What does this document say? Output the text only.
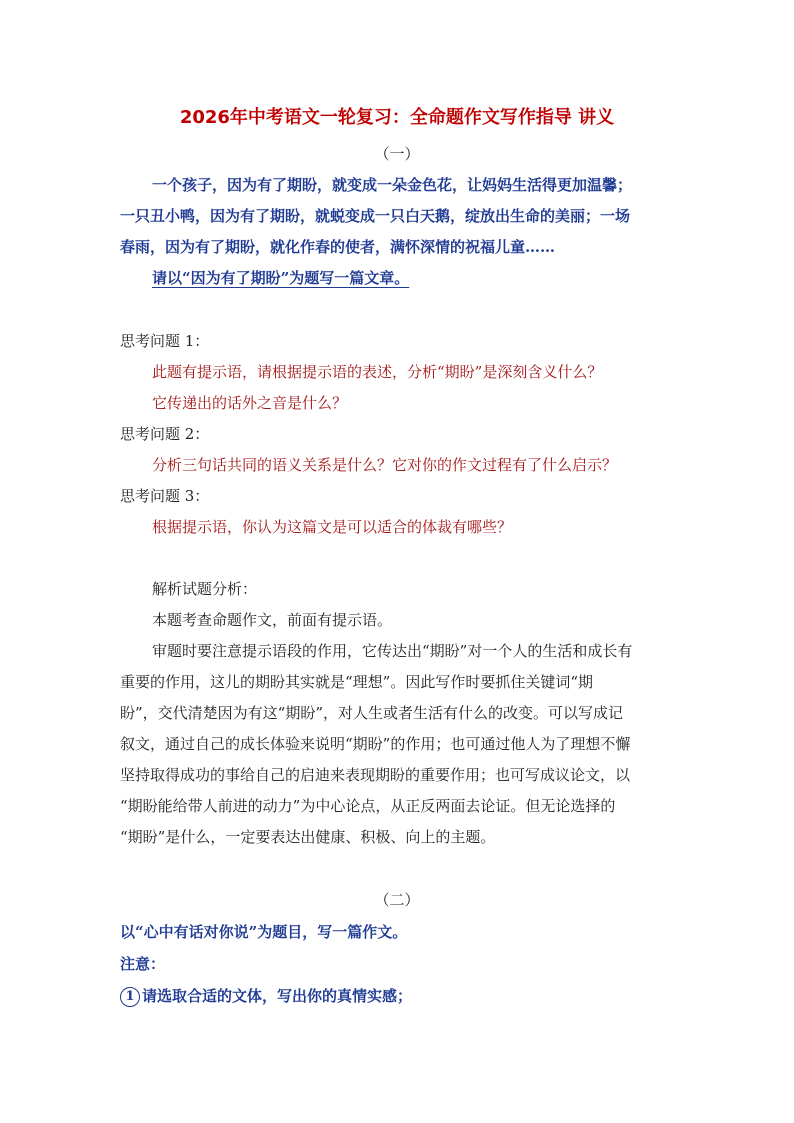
2026年中考语文一轮复习：全命题作文写作指导 讲义
（一）
一个孩子，因为有了期盼，就变成一朵金色花，让妈妈生活得更加温馨；
一只丑小鸭，因为有了期盼，就蜕变成一只白天鹅，绽放出生命的美丽；一场
春雨，因为有了期盼，就化作春的使者，满怀深情的祝福儿童……
请以“因为有了期盼”为题写一篇文章。
思考问题 1：
此题有提示语，请根据提示语的表述，分析“期盼”是深刻含义什么？
它传递出的话外之音是什么？
思考问题 2：
分析三句话共同的语义关系是什么？它对你的作文过程有了什么启示？
思考问题 3：
根据提示语，你认为这篇文是可以适合的体裁有哪些？
解析试题分析：
本题考查命题作文，前面有提示语。
审题时要注意提示语段的作用，它传达出“期盼”对一个人的生活和成长有
重要的作用，这儿的期盼其实就是“理想”。因此写作时要抓住关键词“期
盼”，交代清楚因为有这“期盼”，对人生或者生活有什么的改变。可以写成记
叙文，通过自己的成长体验来说明“期盼”的作用；也可通过他人为了理想不懈
坚持取得成功的事给自己的启迪来表现期盼的重要作用；也可写成议论文，以
“期盼能给带人前进的动力”为中心论点，从正反两面去论证。但无论选择的
“期盼”是什么，一定要表达出健康、积极、向上的主题。
（二）
以“心中有话对你说”为题目，写一篇作文。
注意：
1 请选取合适的文体，写出你的真情实感；
